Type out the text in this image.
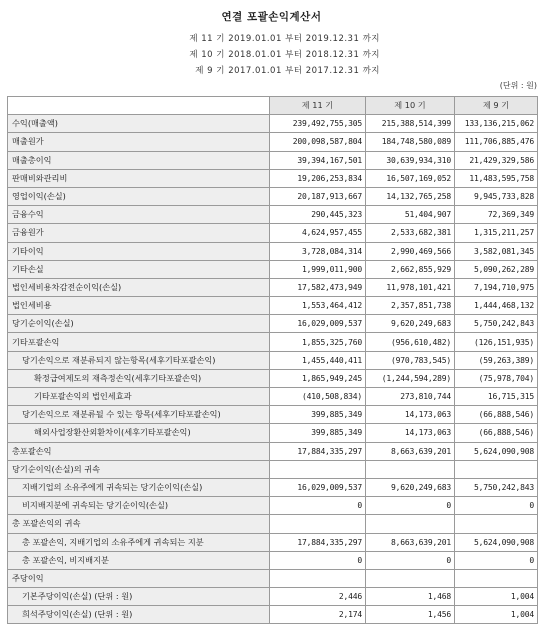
연결 포괄손익계산서
제 11 기 2019.01.01 부터 2019.12.31 까지
제 10 기 2018.01.01 부터 2018.12.31 까지
제 9 기 2017.01.01 부터 2017.12.31 까지
(단위 : 원)
	제 11 기	제 10 기	제 9 기
수익(매출액)	239,492,755,305	215,388,514,399	133,136,215,062
매출원가	200,098,587,804	184,748,580,089	111,706,885,476
매출총이익	39,394,167,501	30,639,934,310	21,429,329,586
판매비와관리비	19,206,253,834	16,507,169,052	11,483,595,758
영업이익(손실)	20,187,913,667	14,132,765,258	9,945,733,828
금융수익	290,445,323	51,404,907	72,369,349
금융원가	4,624,957,455	2,533,682,381	1,315,211,257
기타이익	3,728,084,314	2,990,469,566	3,582,081,345
기타손실	1,999,011,900	2,662,855,929	5,090,262,289
법인세비용차감전순이익(손실)	17,582,473,949	11,978,101,421	7,194,710,975
법인세비용	1,553,464,412	2,357,851,738	1,444,468,132
당기순이익(손실)	16,029,009,537	9,620,249,683	5,750,242,843
기타포괄손익	1,855,325,760	(956,610,482)	(126,151,935)
당기손익으로 재분류되지 않는항목(세후기타포괄손익)	1,455,440,411	(970,783,545)	(59,263,389)
확정급여제도의 재측정손익(세후기타포괄손익)	1,865,949,245	(1,244,594,289)	(75,978,704)
기타포괄손익의 법인세효과	(410,508,834)	273,810,744	16,715,315
당기손익으로 재분류될 수 있는 항목(세후기타포괄손익)	399,885,349	14,173,063	(66,888,546)
해외사업장환산외환차이(세후기타포괄손익)	399,885,349	14,173,063	(66,888,546)
총포괄손익	17,884,335,297	8,663,639,201	5,624,090,908
당기순이익(손실)의 귀속			
지배기업의 소유주에게 귀속되는 당기순이익(손실)	16,029,009,537	9,620,249,683	5,750,242,843
비지배지분에 귀속되는 당기순이익(손실)	0	0	0
총 포괄손익의 귀속			
총 포괄손익, 지배기업의 소유주에게 귀속되는 지분	17,884,335,297	8,663,639,201	5,624,090,908
총 포괄손익, 비지배지분	0	0	0
주당이익			
기본주당이익(손실) (단위 : 원)	2,446	1,468	1,004
희석주당이익(손실) (단위 : 원)	2,174	1,456	1,004
